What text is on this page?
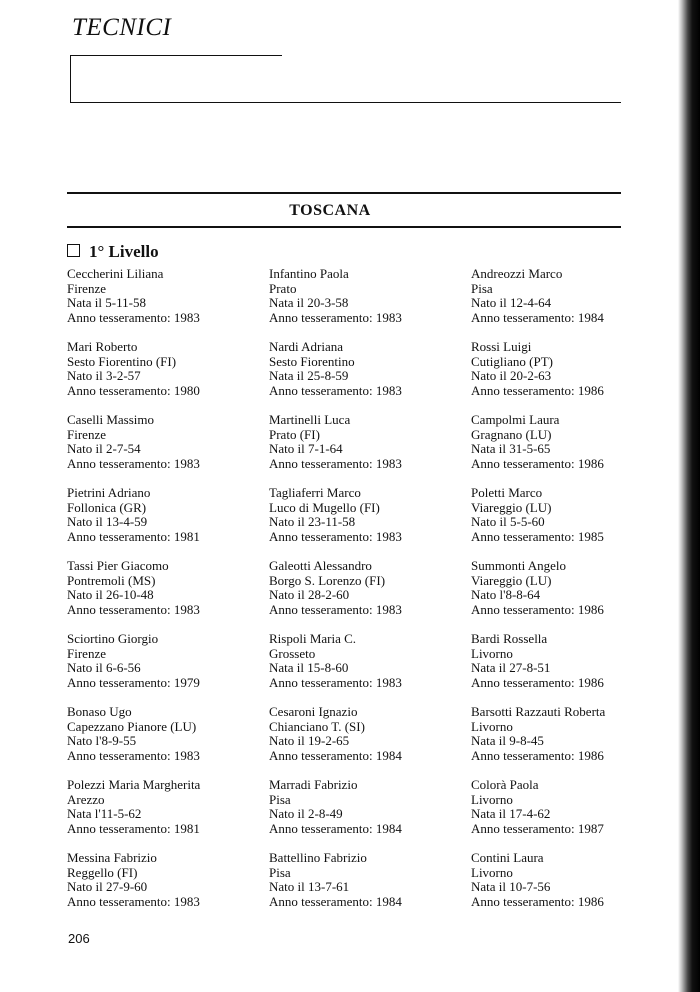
TECNICI
TOSCANA
1° Livello
Ceccherini Liliana
Firenze
Nata il 5-11-58
Anno tesseramento: 1983
Mari Roberto
Sesto Fiorentino (FI)
Nato il 3-2-57
Anno tesseramento: 1980
Caselli Massimo
Firenze
Nato il 2-7-54
Anno tesseramento: 1983
Pietrini Adriano
Follonica (GR)
Nato il 13-4-59
Anno tesseramento: 1981
Tassi Pier Giacomo
Pontremoli (MS)
Nato il 26-10-48
Anno tesseramento: 1983
Sciortino Giorgio
Firenze
Nato il 6-6-56
Anno tesseramento: 1979
Bonaso Ugo
Capezzano Pianore (LU)
Nato l'8-9-55
Anno tesseramento: 1983
Polezzi Maria Margherita
Arezzo
Nata l'11-5-62
Anno tesseramento: 1981
Messina Fabrizio
Reggello (FI)
Nato il 27-9-60
Anno tesseramento: 1983
Infantino Paola
Prato
Nata il 20-3-58
Anno tesseramento: 1983
Nardi Adriana
Sesto Fiorentino
Nata il 25-8-59
Anno tesseramento: 1983
Martinelli Luca
Prato (FI)
Nato il 7-1-64
Anno tesseramento: 1983
Tagliaferri Marco
Luco di Mugello (FI)
Nato il 23-11-58
Anno tesseramento: 1983
Galeotti Alessandro
Borgo S. Lorenzo (FI)
Nato il 28-2-60
Anno tesseramento: 1983
Rispoli Maria C.
Grosseto
Nata il 15-8-60
Anno tesseramento: 1983
Cesaroni Ignazio
Chianciano T. (SI)
Nato il 19-2-65
Anno tesseramento: 1984
Marradi Fabrizio
Pisa
Nato il 2-8-49
Anno tesseramento: 1984
Battellino Fabrizio
Pisa
Nato il 13-7-61
Anno tesseramento: 1984
Andreozzi Marco
Pisa
Nato il 12-4-64
Anno tesseramento: 1984
Rossi Luigi
Cutigliano (PT)
Nato il 20-2-63
Anno tesseramento: 1986
Campolmi Laura
Gragnano (LU)
Nata il 31-5-65
Anno tesseramento: 1986
Poletti Marco
Viareggio (LU)
Nato il 5-5-60
Anno tesseramento: 1985
Summonti Angelo
Viareggio (LU)
Nato l'8-8-64
Anno tesseramento: 1986
Bardi Rossella
Livorno
Nata il 27-8-51
Anno tesseramento: 1986
Barsotti Razzauti Roberta
Livorno
Nata il 9-8-45
Anno tesseramento: 1986
Colorà Paola
Livorno
Nata il 17-4-62
Anno tesseramento: 1987
Contini Laura
Livorno
Nata il 10-7-56
Anno tesseramento: 1986
206
